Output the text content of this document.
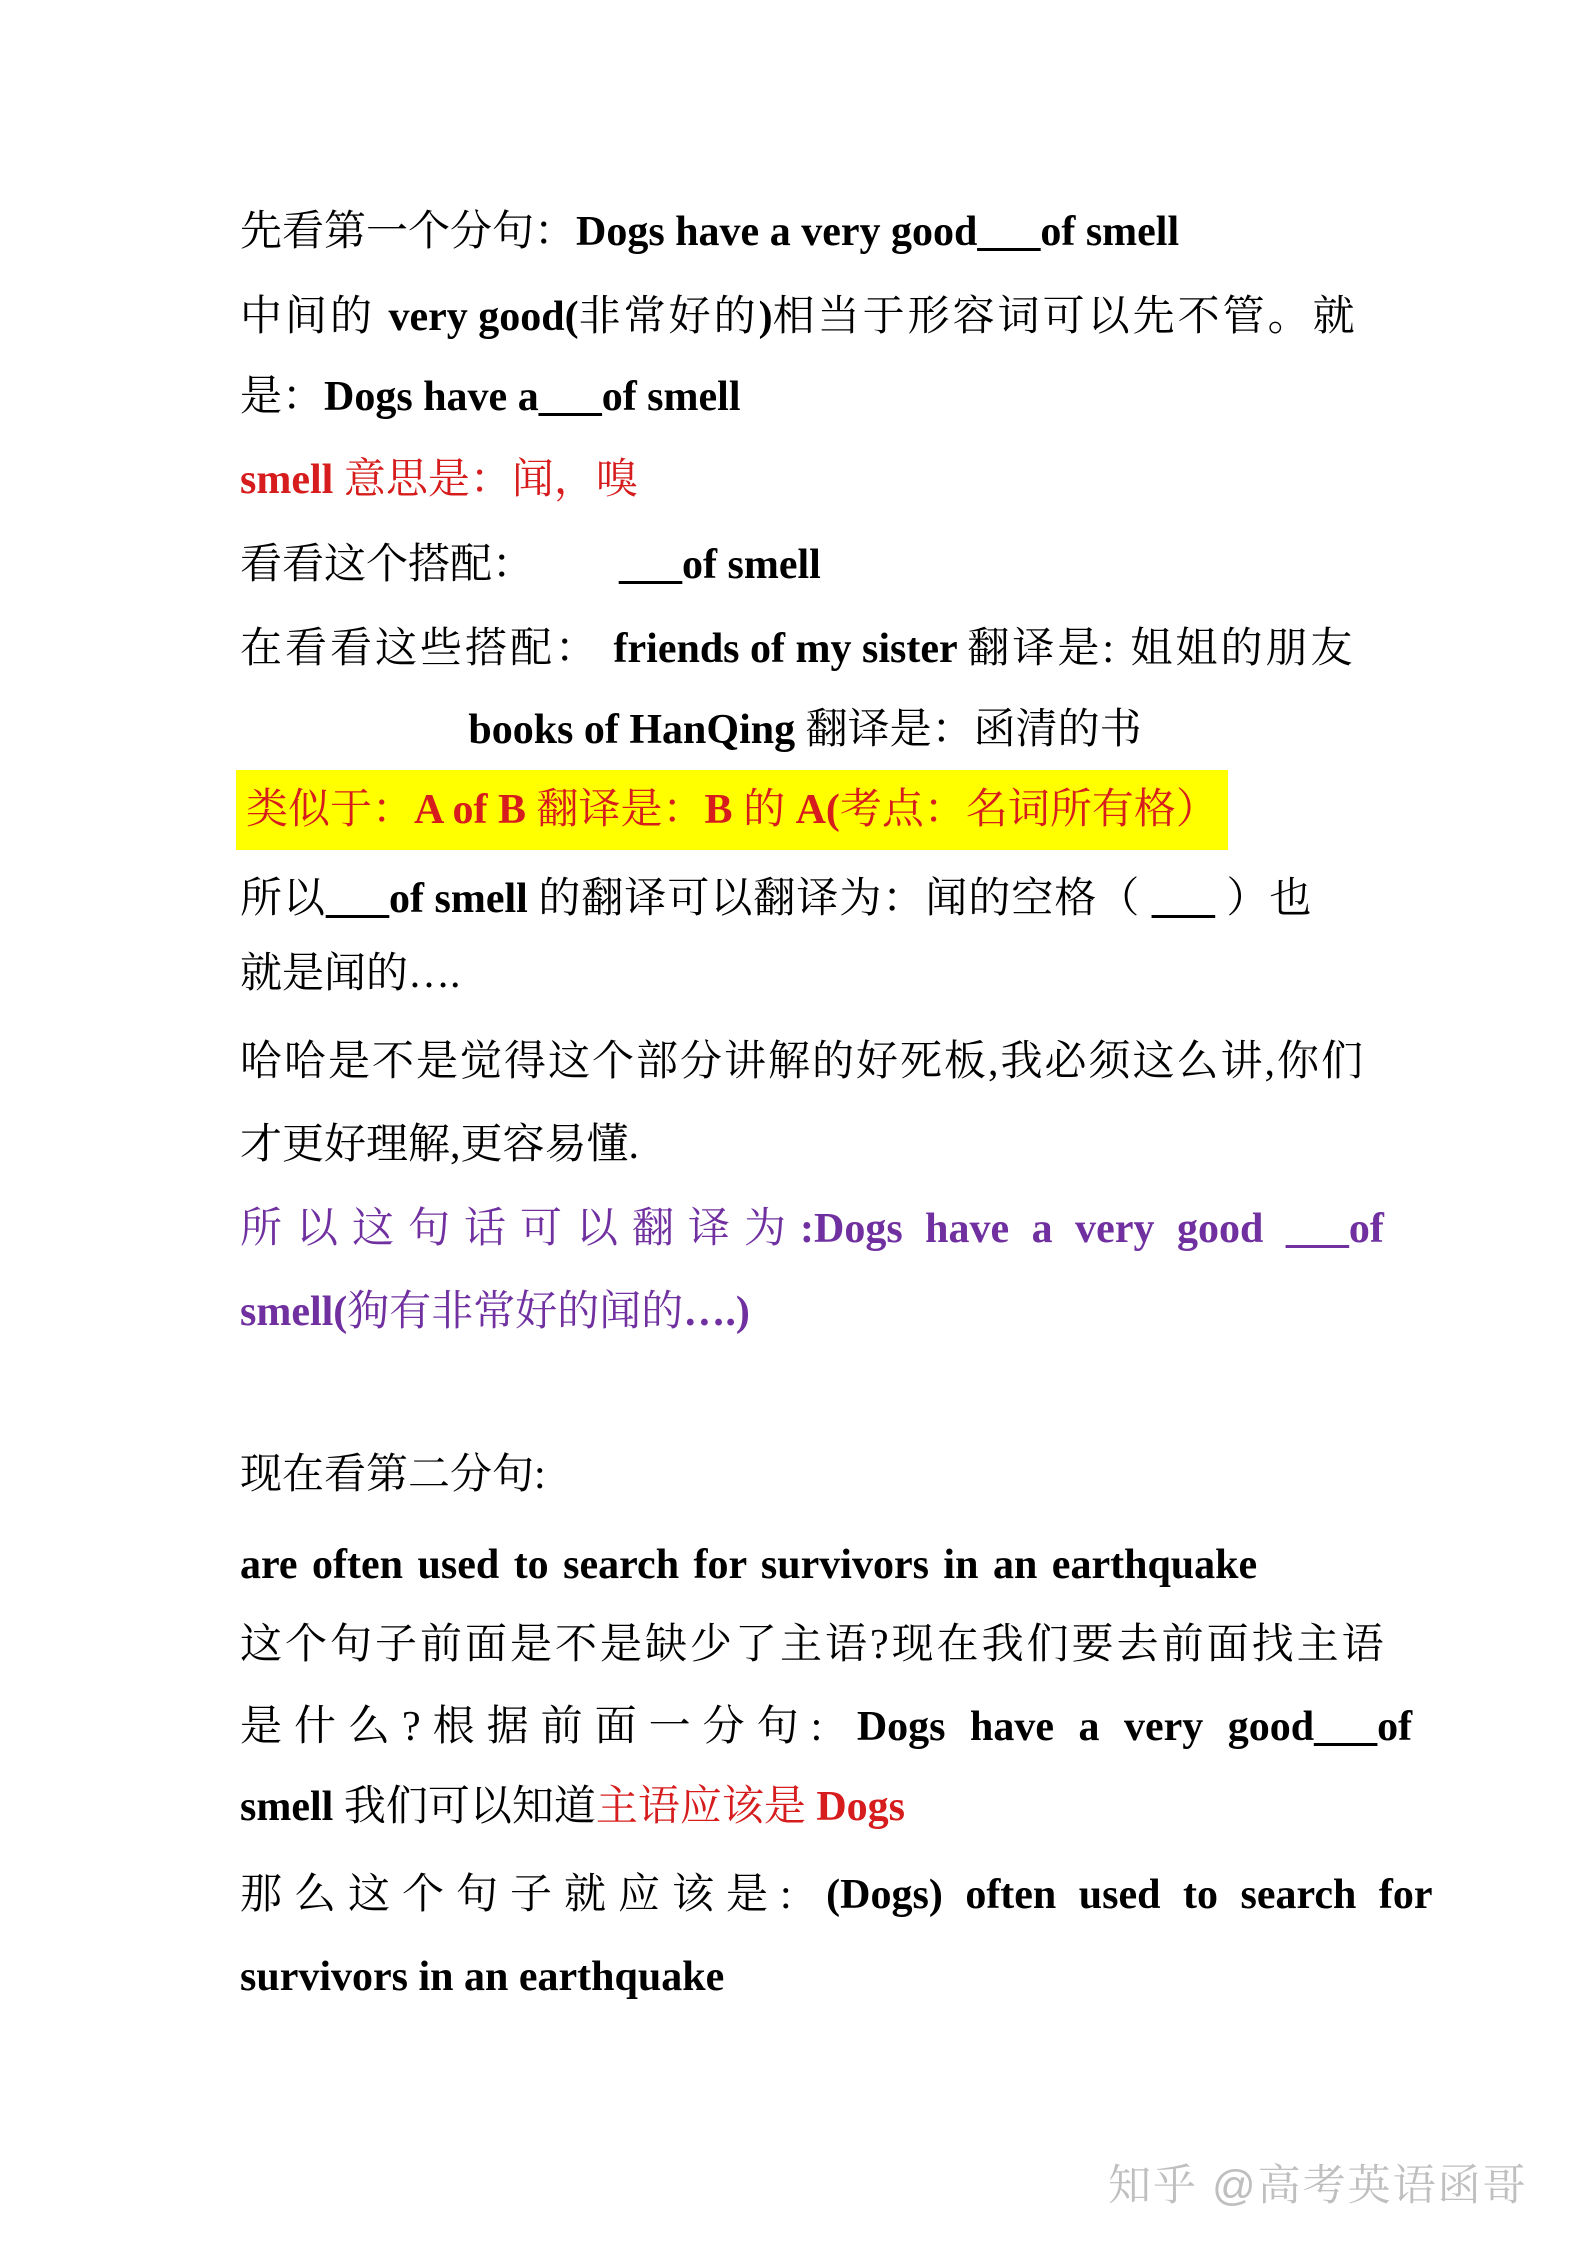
先看第一个分句：Dogs have a very good___of smell
中间的 very good(非常好的)相当于形容词可以先不管。就
是：Dogs have a___of smell
smell 意思是：闻，嗅
看看这个搭配： ___of smell
在看看这些搭配： friends of my sister 翻译是: 姐姐的朋友
books of HanQing 翻译是：函清的书
类似于：A of B 翻译是：B 的 A(考点：名词所有格）
所以___of smell 的翻译可以翻译为：闻的空格（ ___ ）也
就是闻的….
哈哈是不是觉得这个部分讲解的好死板,我必须这么讲,你们
才更好理解,更容易懂.
所以这句话可以翻译为:Dogs have a very good ___of
smell(狗有非常好的闻的….)
现在看第二分句:
are often used to search for survivors in an earthquake
这个句子前面是不是缺少了主语?现在我们要去前面找主语
是什么?根据前面一分句: Dogs have a very good___of
smell 我们可以知道主语应该是 Dogs
那么这个句子就应该是: (Dogs) often used to search for
survivors in an earthquake
知乎 @高考英语函哥
